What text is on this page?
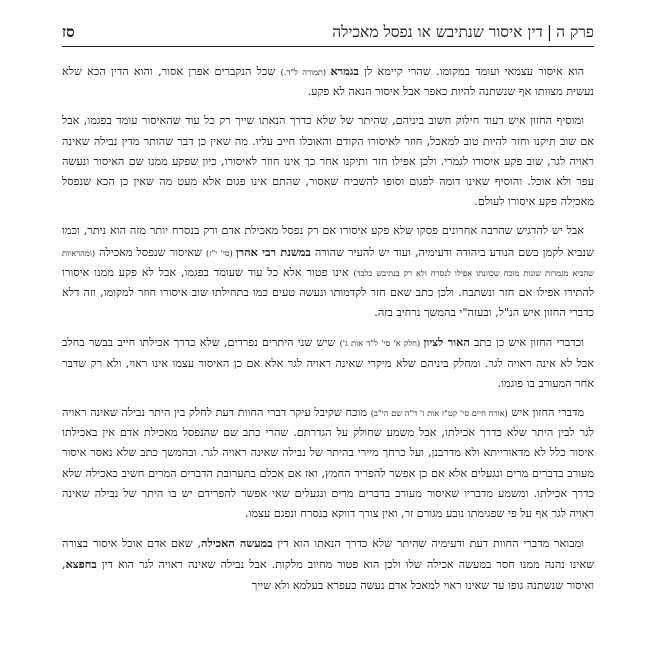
פרק ה|דין איסור שנתיבש או נפסל מאכילה
סז

הוא איסור עצמאי ועומד במקומו. שהרי קיימא לן בגמרא (תמורה ל"ד.) שכל הנקברים אפרן אסור, והוא הדין הכא שלא נעשית מצוותו אף שנשתנה להיות כאפר אבל איסור הנאה לא פקע.

ומוסיף החזון איש דעוד חילוק חשוב ביניהם, שהיתר של שלא כדרך הנאתו שייך רק כל עוד שהאיסור עומד בפגמו, אבל אם שוב תיקנו וחזר להיות טוב למאכל, חוזר לאיסורו הקודם והאוכלו חייב עליו. מה שאין כן דבר שהותר מדין נבילה שאינה ראויה לגר, שוב פקע איסורו לגמרי. ולכן אפילו חזר ותיקנו אחר כך אינו חוזר לאיסורו, כיון שפקע ממנו שם האיסור ונעשה עפר ולא אוכל. והוסיף שאינו דומה לפגום וסופו להשביח שאסור, שהתם אינו פגום אלא מעט מה שאין כן הכא שנפסל מאכילה פקע איסורו לעולם.

אבל יש להדגיש שהרבה אחרונים פסקו שלא פקע איסורו אם רק נפסל מאכילת אדם ורק בנסרח יותר מזה הוא ניתר, וכמו שנביא לקמן בשם הנודע ביהודה ודעימיה, ועוד יש להעיר שהורה במשנת רבי אהרן (סי' י"ז) שאיסור שנפסל מאכילה (ומהראיות שהביא מגמרות שונות מוכח שכוונתו אפילו לנסרח ולא רק בנתיבש בלבד) אינו פטור אלא כל עוד שעומד בפגמו, אבל לא פקע ממנו איסורו להתירו אפילו אם חזר ונשתבח. ולכן כתב שאם חזר לקדמותו ונעשה טעים כמו בתחילתו שוב איסורו חוזר למקומו, וזה דלא כדברי החזון איש הנ"ל, ובעזה"י בהמשך נרחיב בזה.

וכדברי החזון איש כן כתב האור לציון (חלק א' סי' ל"ד אות ג') שיש שני היתרים נפרדים, שלא כדרך אכילתו חייב בבשר בחלב אבל לא אינה ראויה לגר. ומחלק ביניהם שלא מיקרי שאינה ראויה לגר אלא אם כן האיסור עצמו אינו ראוי, ולא רק שדבר אחר המעורב בו פוגמו.

מדברי החזון איש (אורח חיים סי' קט"ז אות ז' ד"ה שם הי"ב) מוכח שקיבל עיקר דברי החוות דעת לחלק בין היתר נבילה שאינה ראויה לגר לבין היתר שלא כדרך אכילתו, אבל משמע שחולק על הגדרתם. שהרי כתב שם שהנפסל מאכילת אדם אין באכילתו איסור כלל לא מדאורייתא ולא מדרבנן, ועל כרחך מיירי בהיתר של נבילה שאינה ראויה לגר. ובהמשך כתב שלא נאסר איסור מעורב בדברים מרים ונגעלים אלא אם כן אפשר להפריד החמץ, ואז אם אכלם בתערובת הדברים המרים חשיב כאכילה שלא כדרך אכילתו. ומשמע מדבריו שאיסור מעורב בדברים מרים ונגעלים שאי אפשר להפרידם יש בו היתר של נבילה שאינה ראויה לגר אף על פי שפגימתו נובע מגורם זר, ואין צורך דווקא בנסרח ונפגם עצמו.

ומבואר מדברי החוות דעת ודעימיה שהיתר שלא כדרך הנאתו הוא דין במעשה האכילה, שאם אדם אוכל איסור בצורה שאינו נהנה ממנו חסר במעשה אכילה שלו ולכן הוא פטור מחיוב מלקות. אבל נבילה שאינה ראויה לגר הוא דין בחפצא, ואיסור שנשתנה גופו עד שאינו ראוי למאכל אדם נעשה כעפרא בעלמא ולא שייך
